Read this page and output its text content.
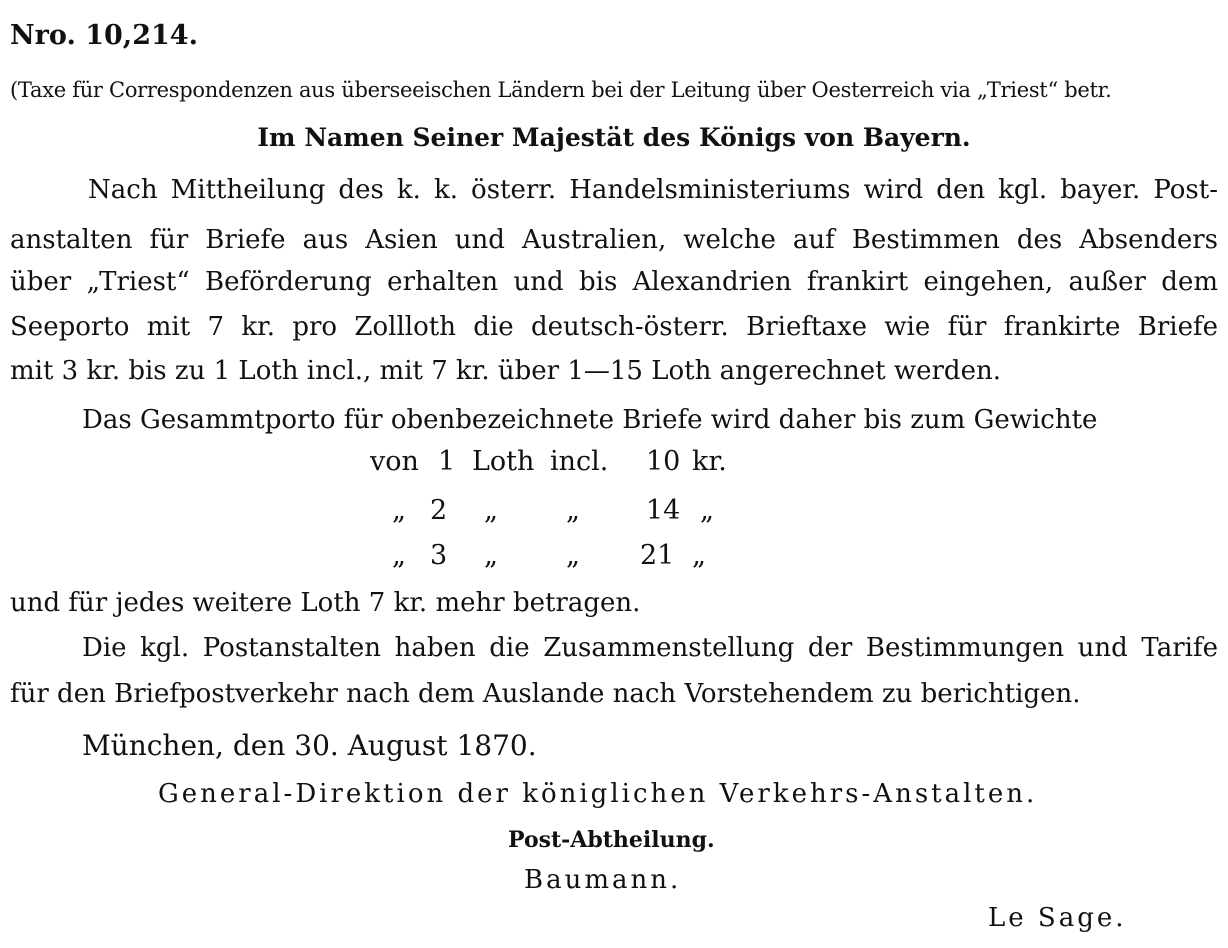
Nro. 10,214.
(Taxe für Correspondenzen aus überseeischen Ländern bei der Leitung über Oesterreich via „Triest“ betr.
Im Namen Seiner Majestät des Königs von Bayern.
Nach Mittheilung des k. k. österr. Handelsministeriums wird den kgl. bayer. Post-
anstalten für Briefe aus Asien und Australien, welche auf Bestimmen des Absenders
über „Triest“ Beförderung erhalten und bis Alexandrien frankirt eingehen, außer dem
Seeporto mit 7 kr. pro Zollloth die deutsch-österr. Brieftaxe wie für frankirte Briefe
mit 3 kr. bis zu 1 Loth incl., mit 7 kr. über 1—15 Loth angerechnet werden.
Das Gesammtporto für obenbezeichnete Briefe wird daher bis zum Gewichte
von 1 Loth incl. 10 kr.
„ 2 „	„ 14 „
„ 3 „	„ 21 „
und für jedes weitere Loth 7 kr. mehr betragen.
Die kgl. Postanstalten haben die Zusammenstellung der Bestimmungen und Tarife
für den Briefpostverkehr nach dem Auslande nach Vorstehendem zu berichtigen.
München, den 30. August 1870.
General-Direktion der königlichen Verkehrs-Anstalten.
Post-Abtheilung.
Baumann.
Le Sage.
